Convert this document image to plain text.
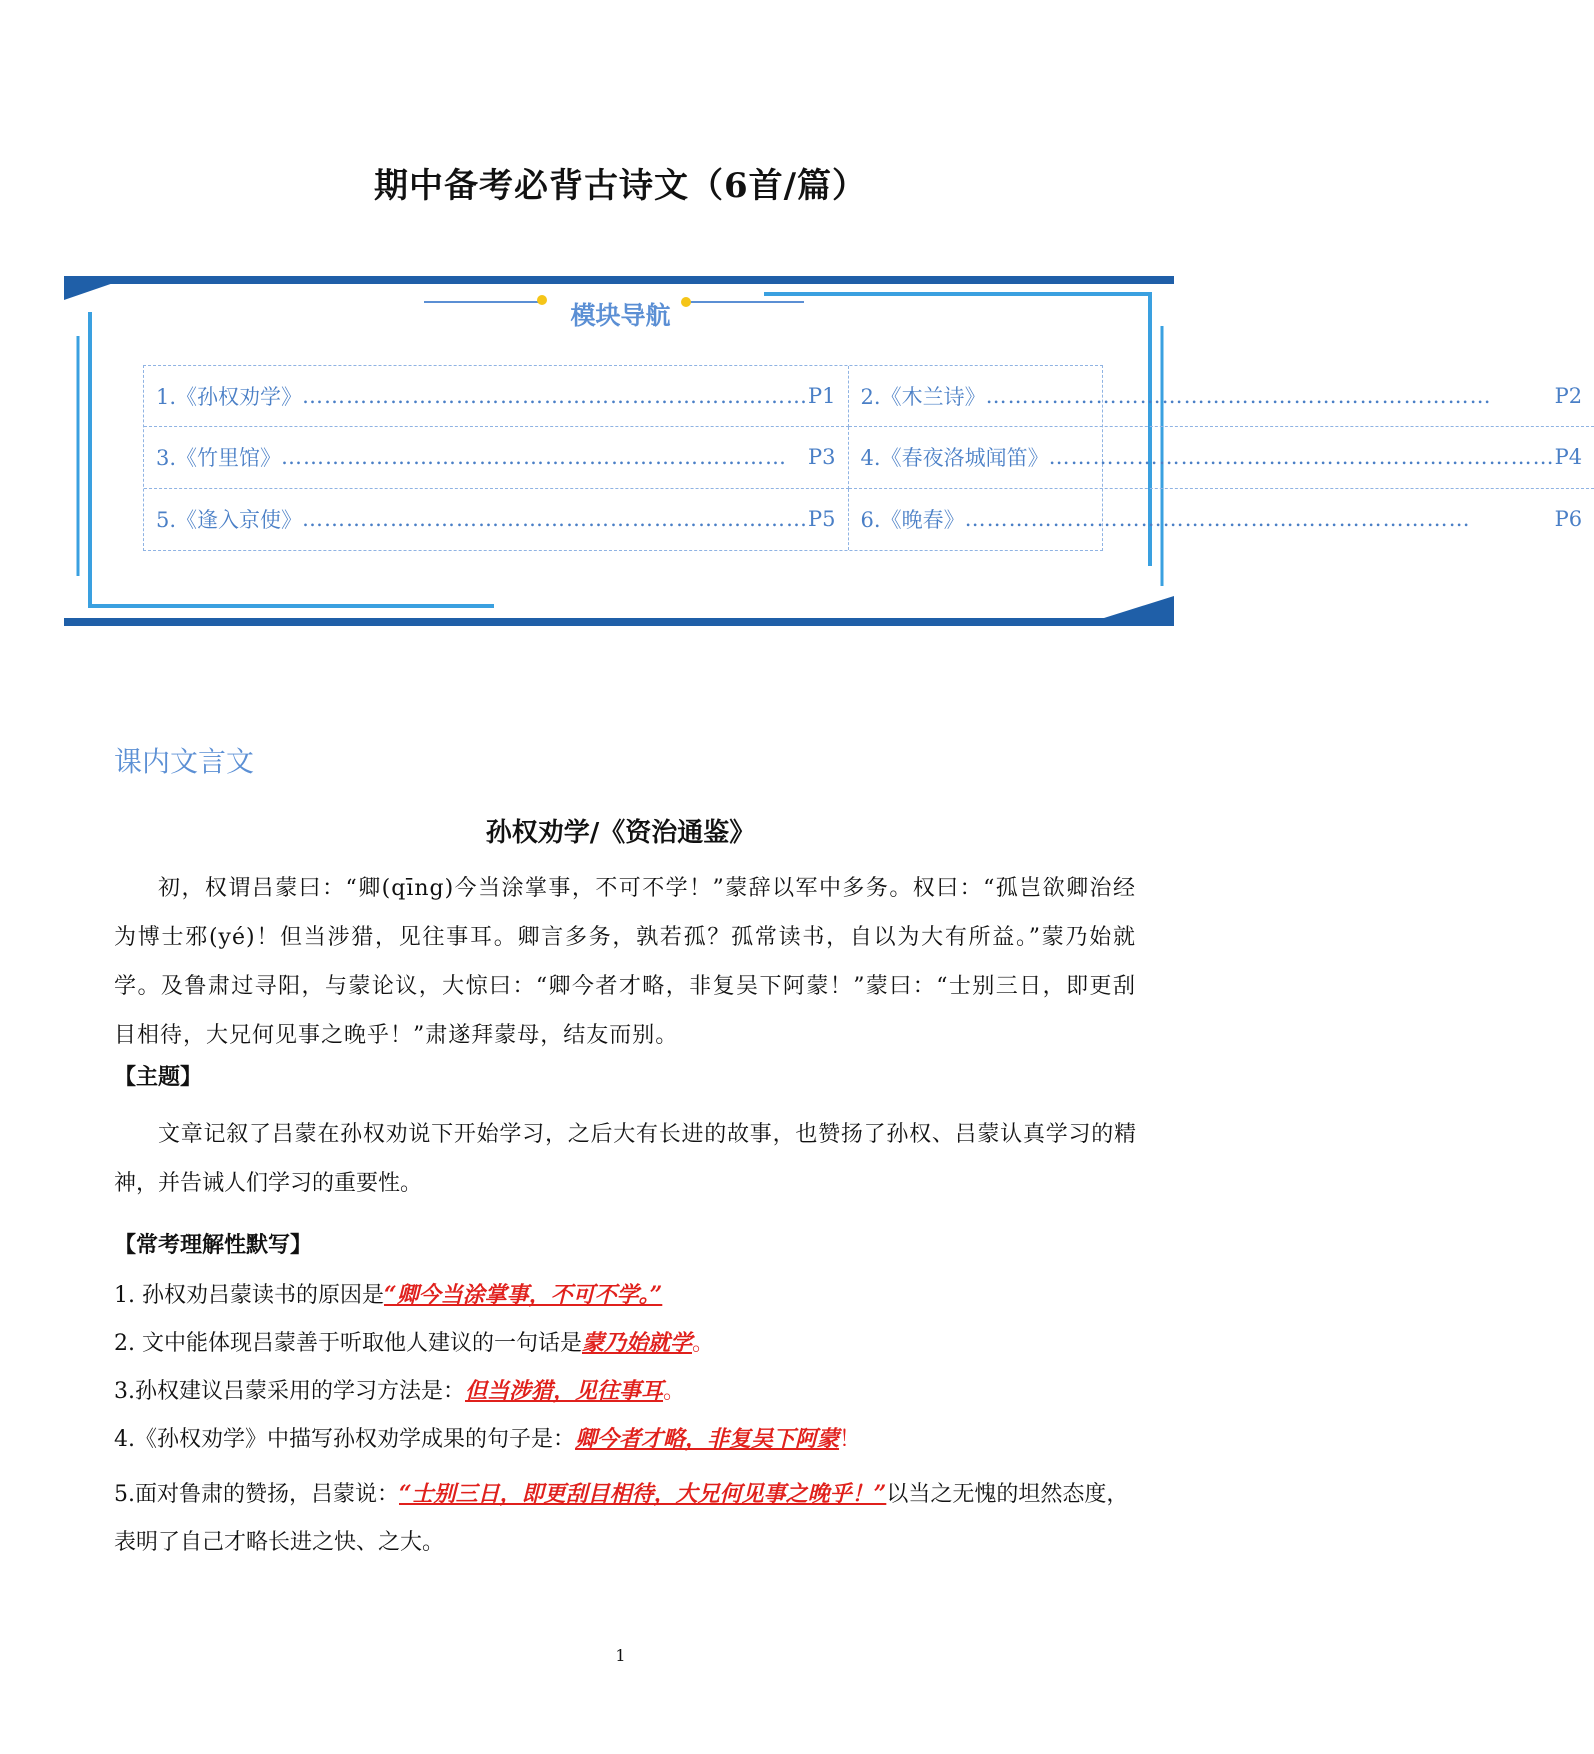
期中备考必背古诗文（6首/篇）
模块导航
1.《孙权劝学》 …………………………………………………………… P1 2.《木兰诗》 ……………………………………………………………	P2
3.《竹里馆》 ……………………………………………………………	P3 4.《春夜洛城闻笛》 …………………………………………………………… P4
5.《逢入京使》 …………………………………………………………… P5 6.《晚春》 ……………………………………………………………	P6
课内文言文
孙权劝学/《资治通鉴》
初，权谓吕蒙曰：“卿(qīng)今当涂掌事，不可不学！”蒙辞以军中多务。权曰：“孤岂欲卿治经为博士邪(yé)！但当涉猎，见往事耳。卿言多务，孰若孤？孤常读书，自以为大有所益。”蒙乃始就学。及鲁肃过寻阳，与蒙论议，大惊曰：“卿今者才略，非复吴下阿蒙！”蒙曰：“士别三日，即更刮目相待，大兄何见事之晚乎！”肃遂拜蒙母，结友而别。
【主题】
文章记叙了吕蒙在孙权劝说下开始学习，之后大有长进的故事，也赞扬了孙权、吕蒙认真学习的精神，并告诫人们学习的重要性。
【常考理解性默写】
1. 孙权劝吕蒙读书的原因是“卿今当涂掌事，不可不学。”
2. 文中能体现吕蒙善于听取他人建议的一句话是蒙乃始就学。
3.孙权建议吕蒙采用的学习方法是：但当涉猎，见往事耳。
4.《孙权劝学》中描写孙权劝学成果的句子是：卿今者才略，非复吴下阿蒙！
5.面对鲁肃的赞扬，吕蒙说：“士别三日，即更刮目相待，大兄何见事之晚乎！”以当之无愧的坦然态度，表明了自己才略长进之快、之大。
1
